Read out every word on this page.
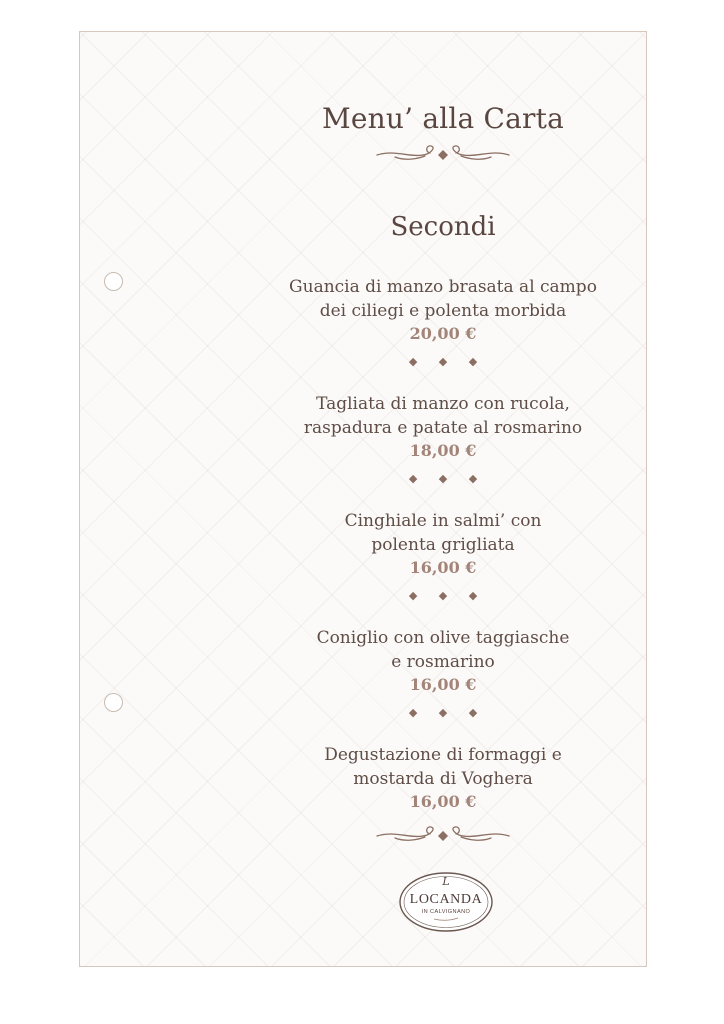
Menu’ alla Carta
Secondi
Guancia di manzo brasata al campo
dei ciliegi e polenta morbida
20,00 €
◆ ◆ ◆
Tagliata di manzo con rucola,
raspadura e patate al rosmarino
18,00 €
◆ ◆ ◆
Cinghiale in salmi’ con
polenta grigliata
16,00 €
◆ ◆ ◆
Coniglio con olive taggiasche
e rosmarino
16,00 €
◆ ◆ ◆
Degustazione di formaggi e
mostarda di Voghera
16,00 €
L
LOCANDA
IN CALVIGNANO
